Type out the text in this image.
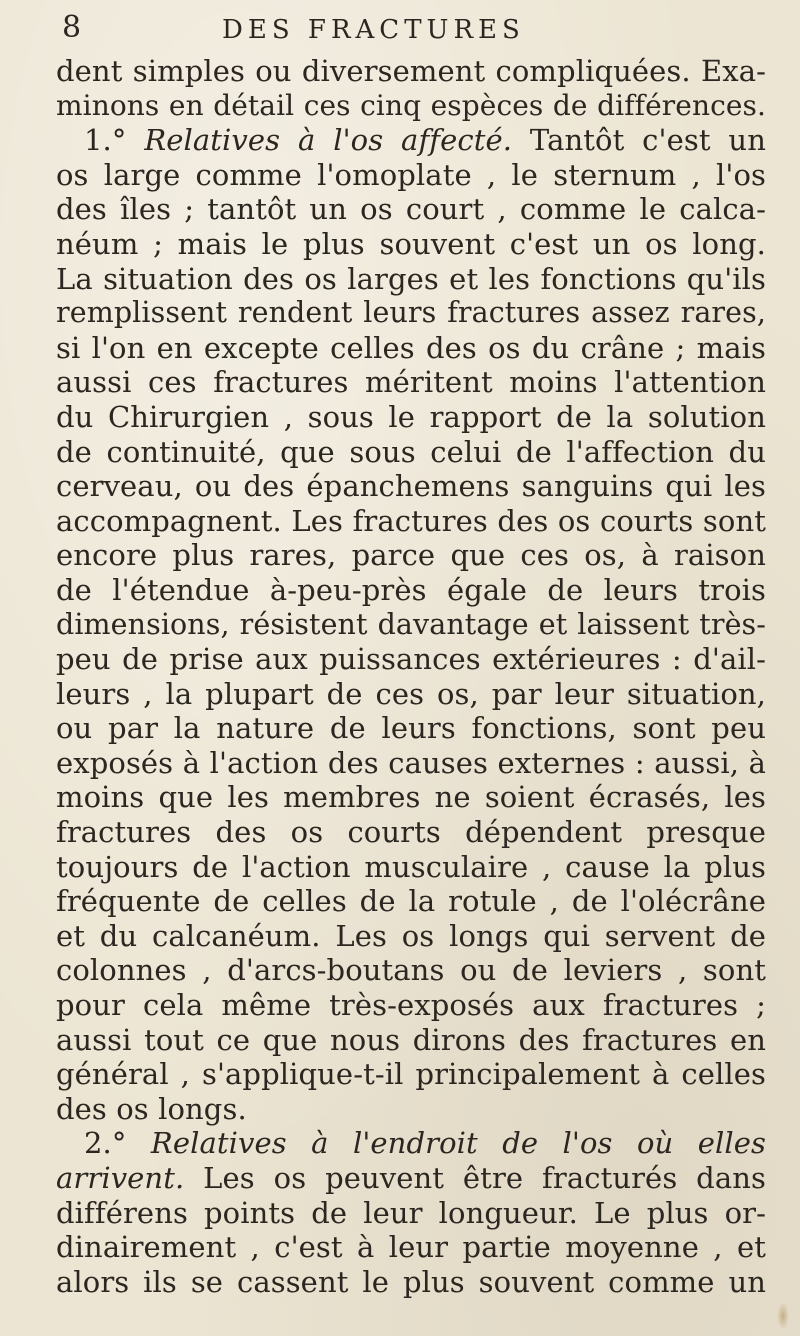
8	DES FRACTURES
dent simples ou diversement compliquées. Exa-
minons en détail ces cinq espèces de différences.
1.° Relatives à l'os affecté. Tantôt c'est un
os large comme l'omoplate , le sternum , l'os
des îles ; tantôt un os court , comme le calca-
néum ; mais le plus souvent c'est un os long.
La situation des os larges et les fonctions qu'ils
remplissent rendent leurs fractures assez rares,
si l'on en excepte celles des os du crâne ; mais
aussi ces fractures méritent moins l'attention
du Chirurgien , sous le rapport de la solution
de continuité, que sous celui de l'affection du
cerveau, ou des épanchemens sanguins qui les
accompagnent. Les fractures des os courts sont
encore plus rares, parce que ces os, à raison
de l'étendue à-peu-près égale de leurs trois
dimensions, résistent davantage et laissent très-
peu de prise aux puissances extérieures : d'ail-
leurs , la plupart de ces os, par leur situation,
ou par la nature de leurs fonctions, sont peu
exposés à l'action des causes externes : aussi, à
moins que les membres ne soient écrasés, les
fractures des os courts dépendent presque
toujours de l'action musculaire , cause la plus
fréquente de celles de la rotule , de l'olécrâne
et du calcanéum. Les os longs qui servent de
colonnes , d'arcs-boutans ou de leviers , sont
pour cela même très-exposés aux fractures ;
aussi tout ce que nous dirons des fractures en
général , s'applique-t-il principalement à celles
des os longs.
2.° Relatives à l'endroit de l'os où elles
arrivent. Les os peuvent être fracturés dans
différens points de leur longueur. Le plus or-
dinairement , c'est à leur partie moyenne , et
alors ils se cassent le plus souvent comme un
